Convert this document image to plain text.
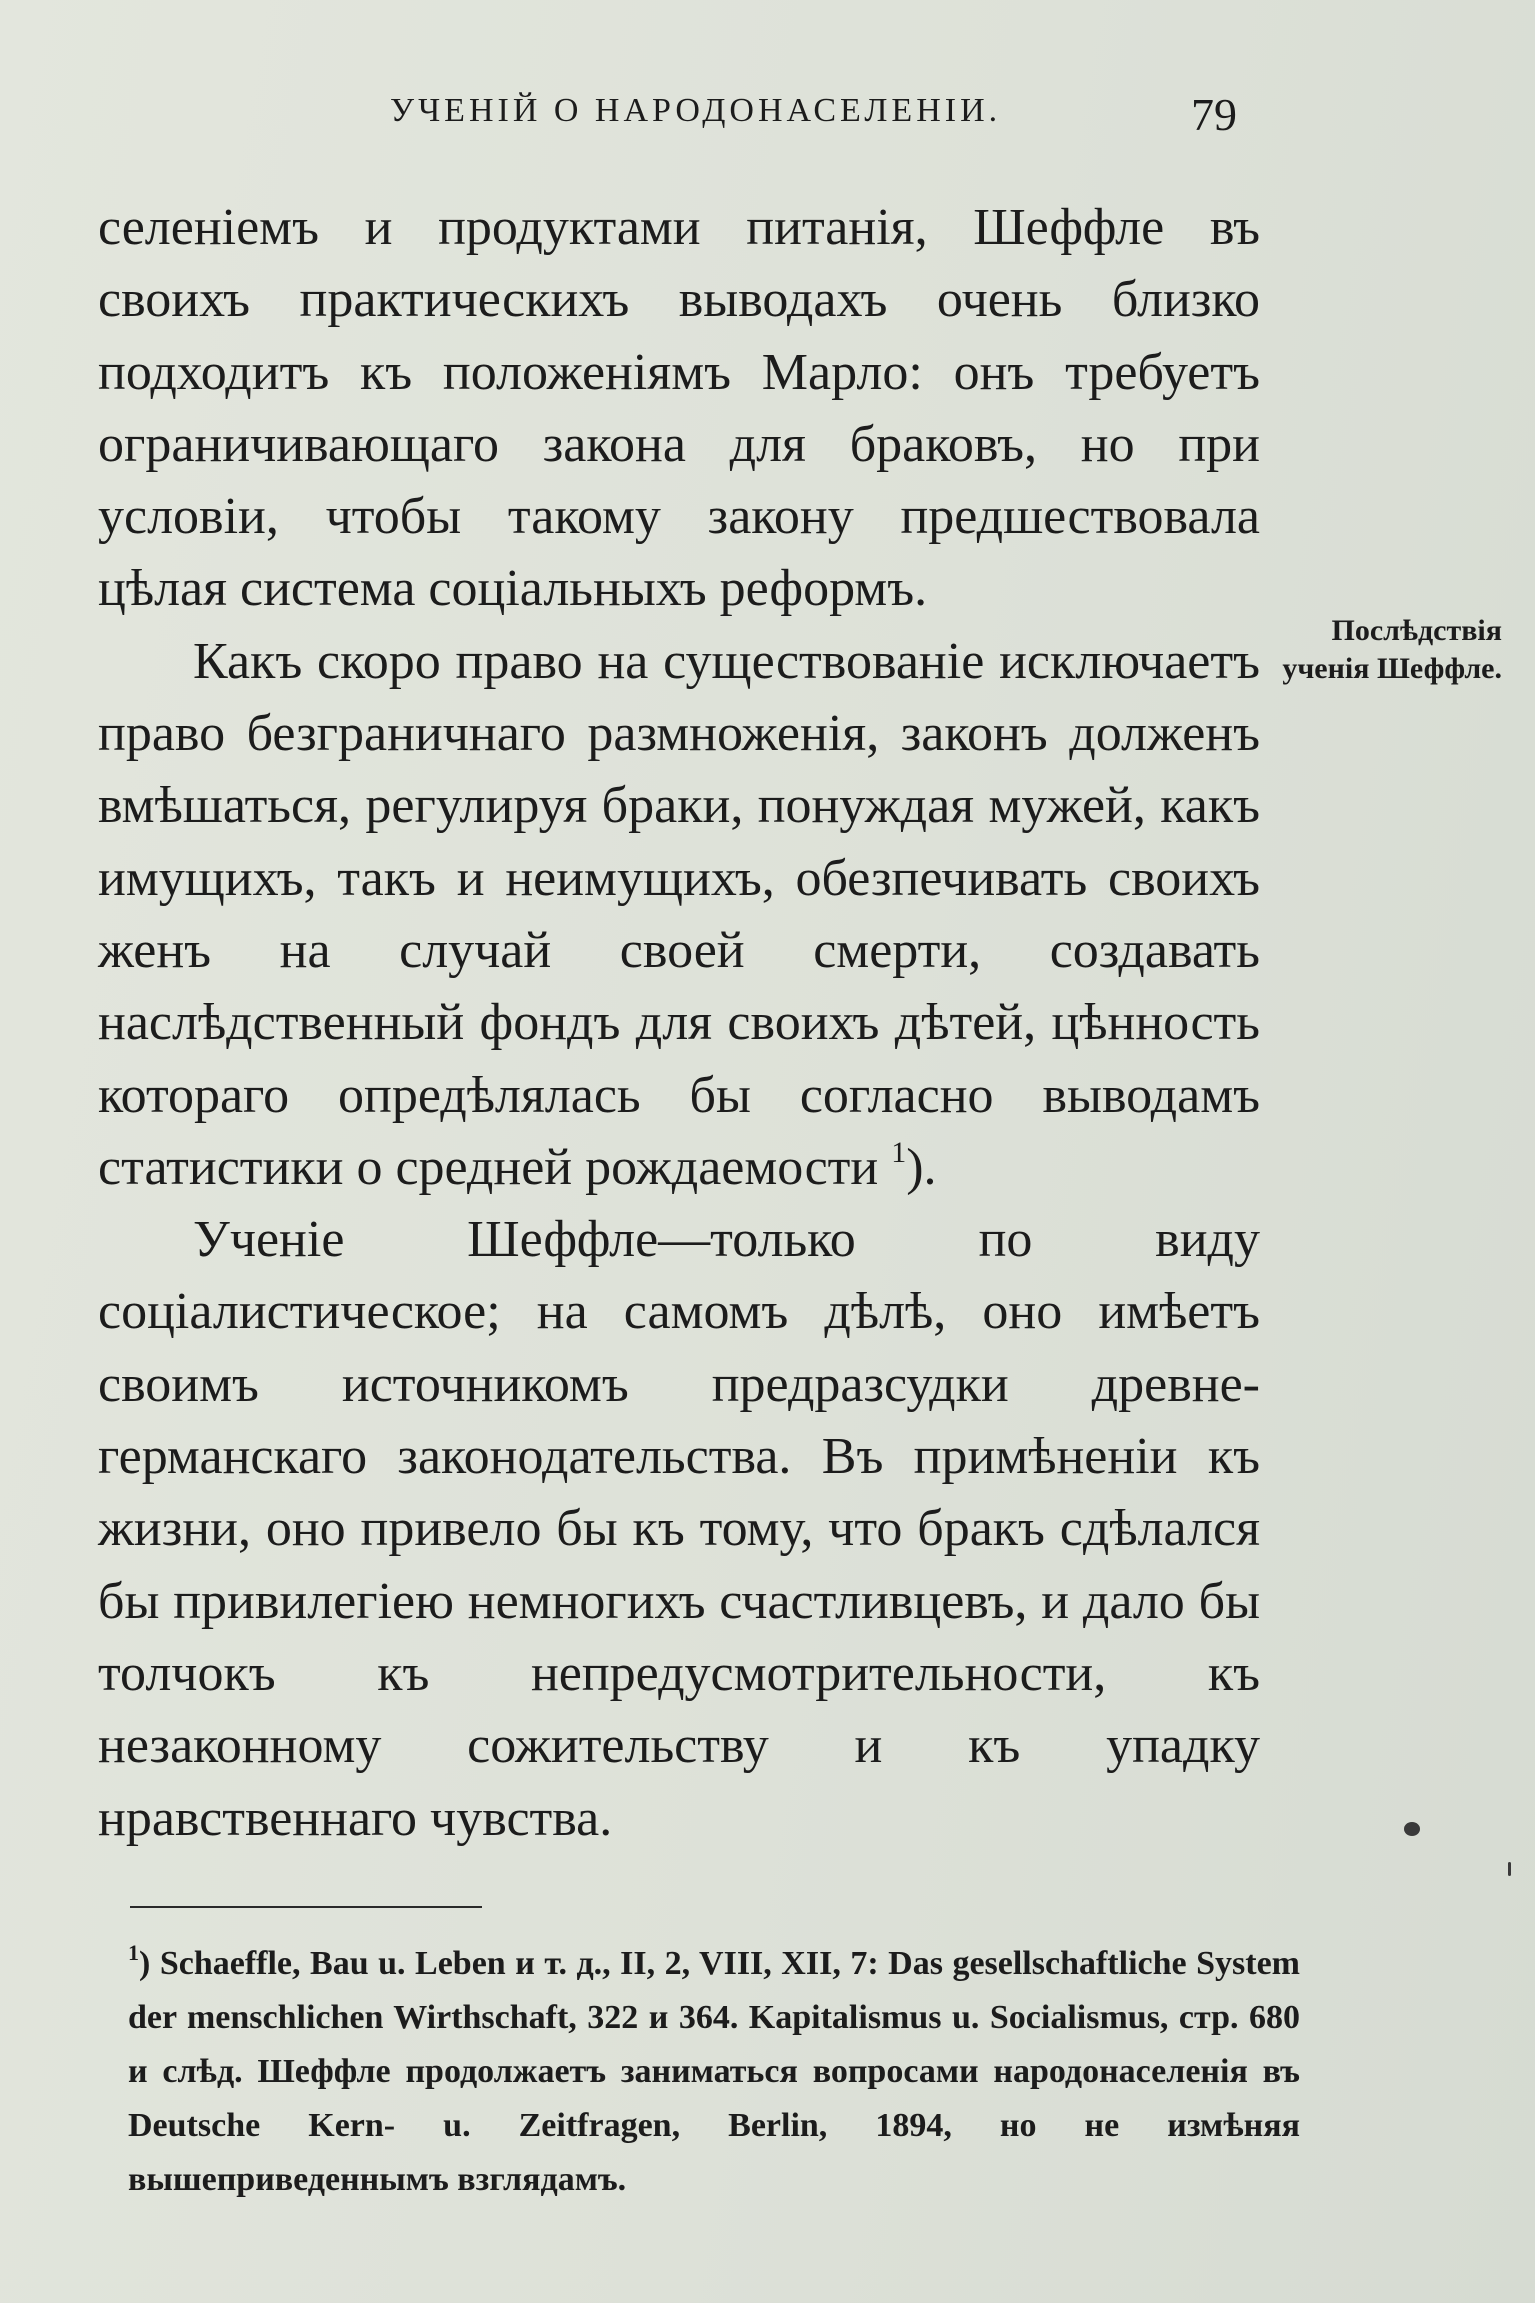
УЧЕНІЙ О НАРОДОНАСЕЛЕНІИ.	79

селеніемъ и продуктами питанія, Шеффле въ своихъ практическихъ выводахъ очень близко подходитъ къ положеніямъ Марло: онъ требуетъ ограничивающаго закона для браковъ, но при условіи, чтобы такому закону предшествовала цѣлая система соціальныхъ реформъ.

Какъ скоро право на существованіе исключаетъ право безграничнаго размноженія, законъ долженъ вмѣшаться, регулируя браки, понуждая мужей, какъ имущихъ, такъ и неимущихъ, обезпечивать своихъ женъ на случай своей смерти, создавать наслѣдственный фондъ для своихъ дѣтей, цѣнность котораго опредѣлялась бы согласно выводамъ статистики о средней рождаемости $^1$).

Ученіе Шеффле—только по виду соціалистическое; на самомъ дѣлѣ, оно имѣетъ своимъ источникомъ предразсудки древне-германскаго законодательства. Въ примѣненіи къ жизни, оно привело бы къ тому, что бракъ сдѣлался бы привилегіею немногихъ счастливцевъ, и дало бы толчокъ къ непредусмотрительности, къ незаконному сожительству и къ упадку нравственнаго чувства.

Послѣдствія ученія Шеффле.
$^1$) Schaeffle, Bau u. Leben и т. д., II, 2, VIII, XII, 7: Das gesellschaftliche System der menschlichen Wirthschaft, 322 и 364. Kapitalismus u. Socialismus, стр. 680 и слѣд. Шеффле продолжаетъ заниматься вопросами народонаселенія въ Deutsche Kern- u. Zeitfragen, Berlin, 1894, но не измѣняя вышеприведеннымъ взглядамъ.
